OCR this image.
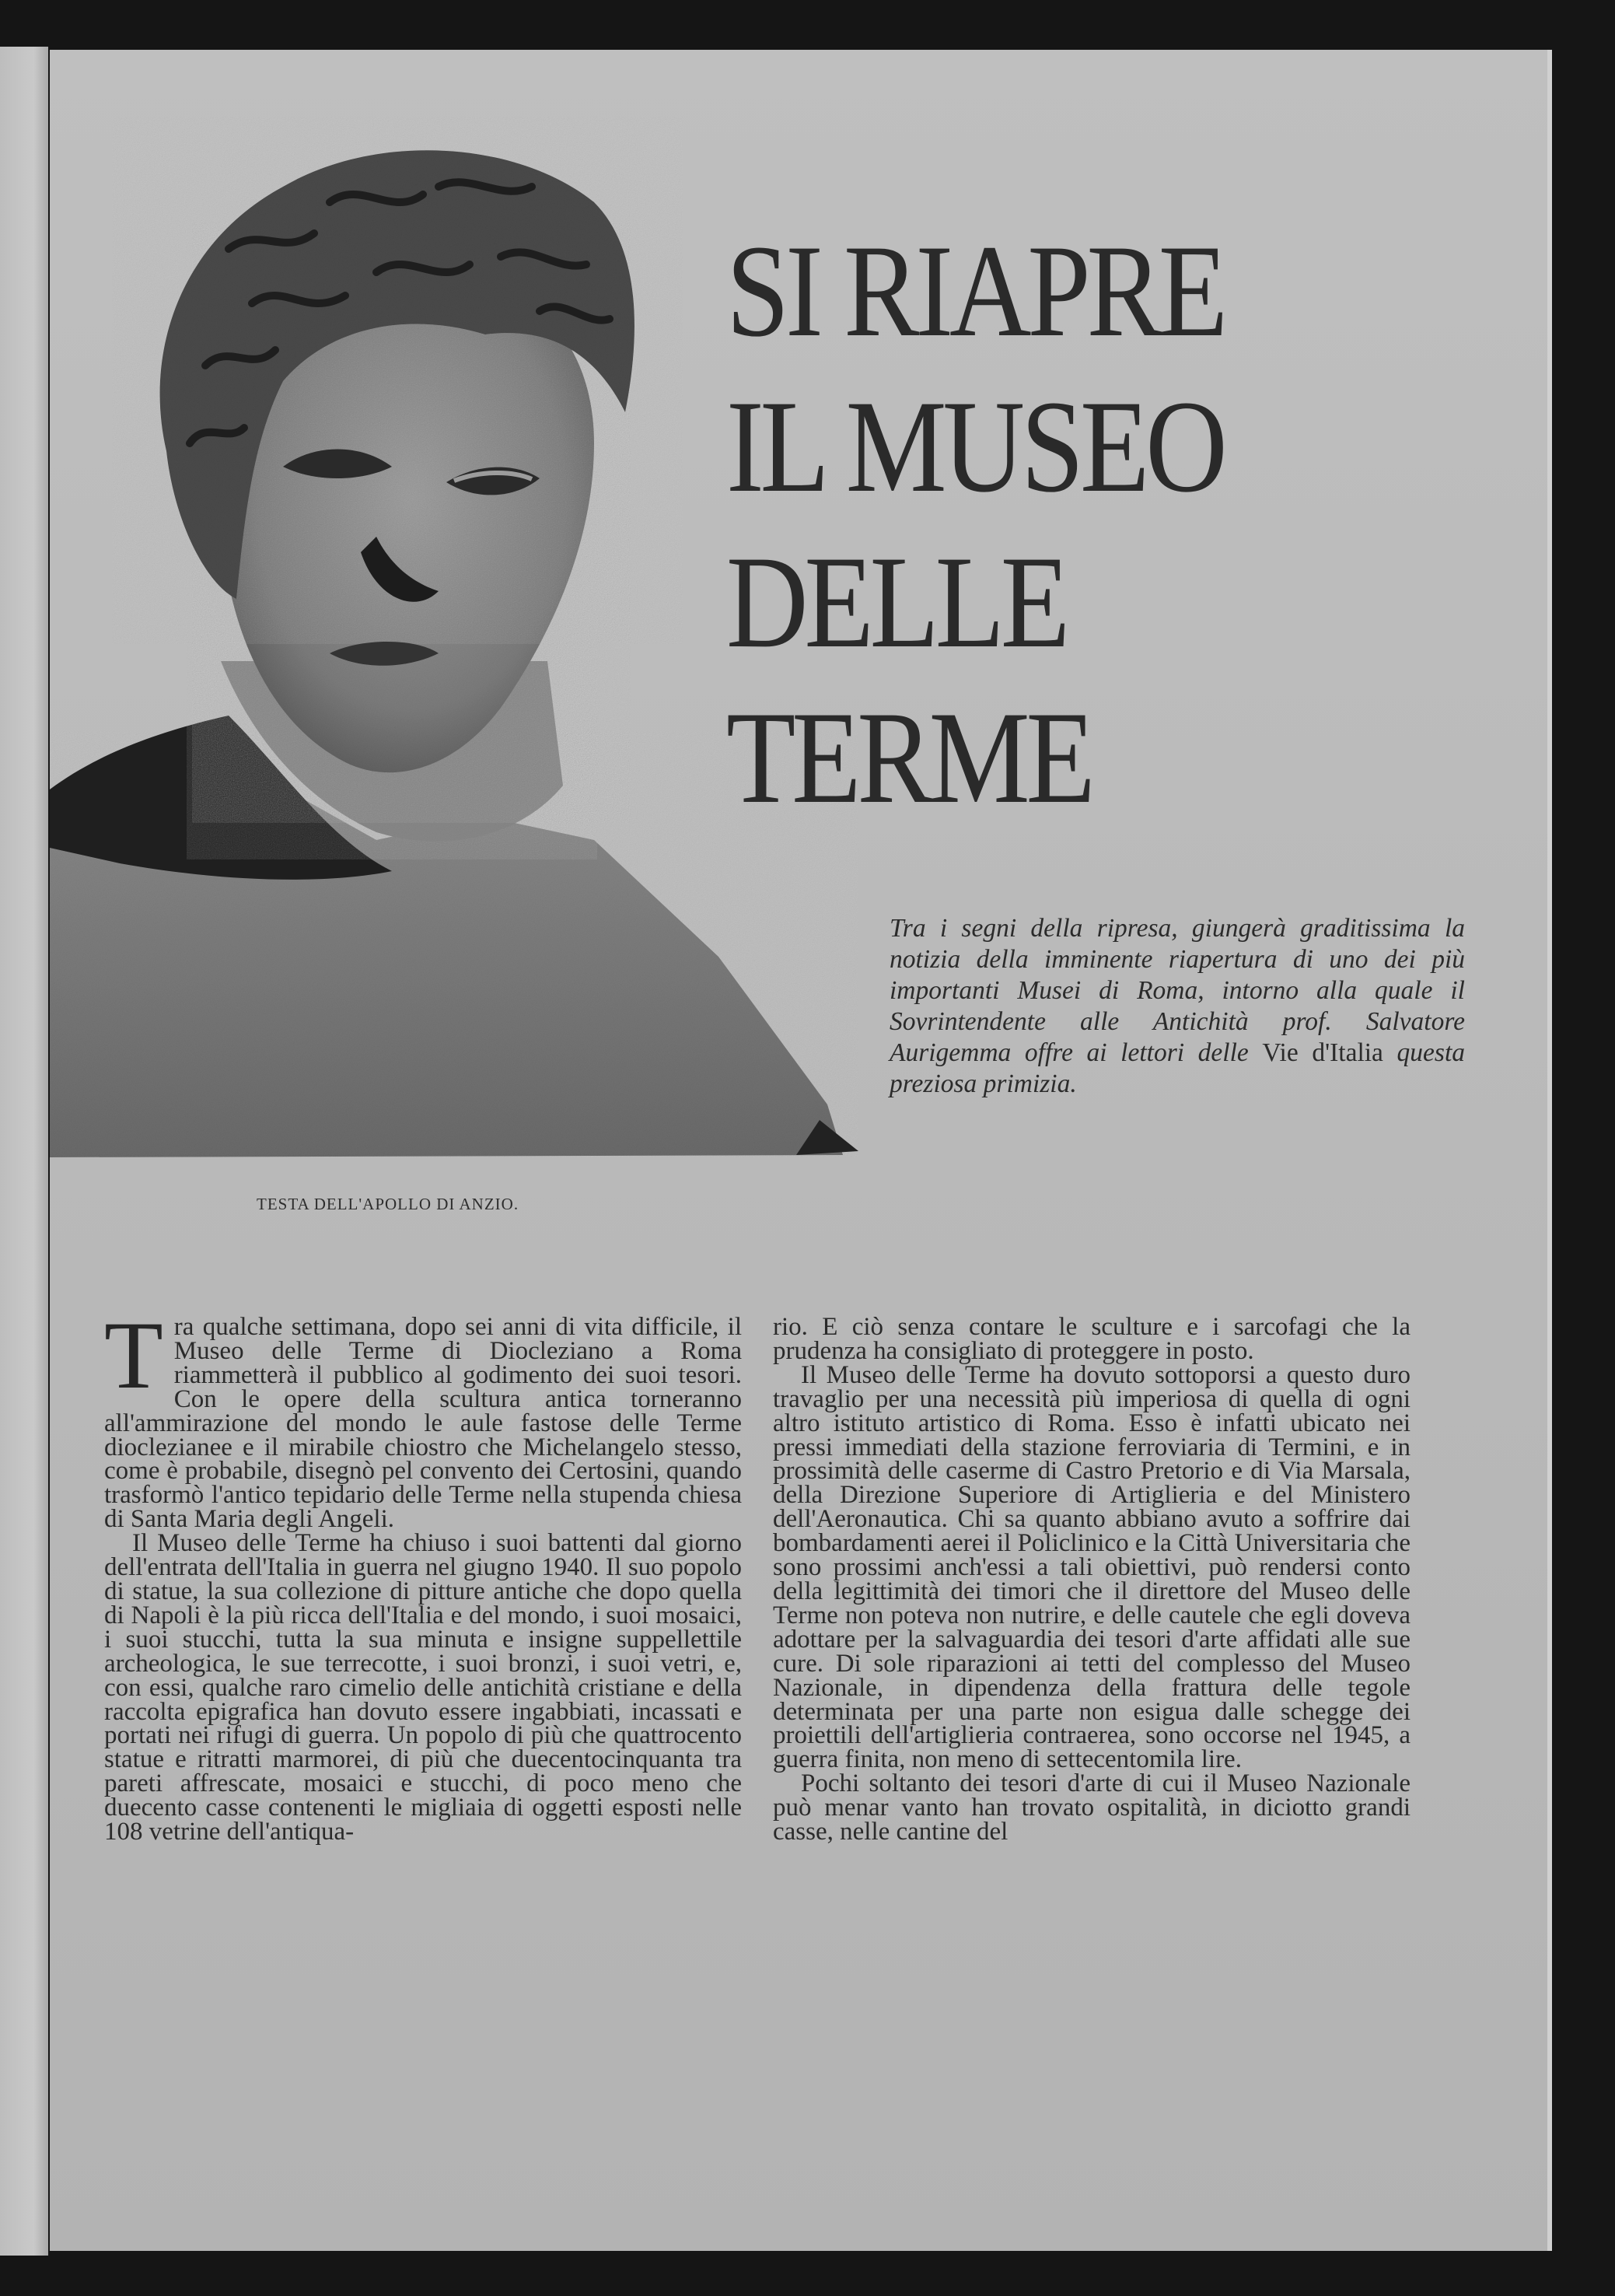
SI RIAPRE
IL MUSEO
DELLE
TERME

Tra i segni della ripresa, giungerà graditissima la notizia della imminente riapertura di uno dei più importanti Musei di Roma, intorno alla quale il Sovrintendente alle Antichità prof. Salvatore Aurigemma offre ai lettori delle Vie d'Italia questa preziosa primizia.

TESTA DELL'APOLLO DI ANZIO.

Tra qualche settimana, dopo sei anni di vita difficile, il Museo delle Terme di Diocleziano a Roma riammetterà il pubblico al godimento dei suoi tesori. Con le opere della scultura antica torneranno all'ammirazione del mondo le aule fastose delle Terme dioclezianee e il mirabile chiostro che Michelangelo stesso, come è probabile, disegnò pel convento dei Certosini, quando trasformò l'antico tepidario delle Terme nella stupenda chiesa di Santa Maria degli Angeli.

Il Museo delle Terme ha chiuso i suoi battenti dal giorno dell'entrata dell'Italia in guerra nel giugno 1940. Il suo popolo di statue, la sua collezione di pitture antiche che dopo quella di Napoli è la più ricca dell'Italia e del mondo, i suoi mosaici, i suoi stucchi, tutta la sua minuta e insigne suppellettile archeologica, le sue terrecotte, i suoi bronzi, i suoi vetri, e, con essi, qualche raro cimelio delle antichità cristiane e della raccolta epigrafica han dovuto essere ingabbiati, incassati e portati nei rifugi di guerra. Un popolo di più che quattrocento statue e ritratti marmorei, di più che duecentocinquanta tra pareti affrescate, mosaici e stucchi, di poco meno che duecento casse contenenti le migliaia di oggetti esposti nelle 108 vetrine dell'antiqua-

rio. E ciò senza contare le sculture e i sarcofagi che la prudenza ha consigliato di proteggere in posto.

Il Museo delle Terme ha dovuto sottoporsi a questo duro travaglio per una necessità più imperiosa di quella di ogni altro istituto artistico di Roma. Esso è infatti ubicato nei pressi immediati della stazione ferroviaria di Termini, e in prossimità delle caserme di Castro Pretorio e di Via Marsala, della Direzione Superiore di Artiglieria e del Ministero dell'Aeronautica. Chi sa quanto abbiano avuto a soffrire dai bombardamenti aerei il Policlinico e la Città Universitaria che sono prossimi anch'essi a tali obiettivi, può rendersi conto della legittimità dei timori che il direttore del Museo delle Terme non poteva non nutrire, e delle cautele che egli doveva adottare per la salvaguardia dei tesori d'arte affidati alle sue cure. Di sole riparazioni ai tetti del complesso del Museo Nazionale, in dipendenza della frattura delle tegole determinata per una parte non esigua dalle schegge dei proiettili dell'artiglieria contraerea, sono occorse nel 1945, a guerra finita, non meno di settecentomila lire.

Pochi soltanto dei tesori d'arte di cui il Museo Nazionale può menar vanto han trovato ospitalità, in diciotto grandi casse, nelle cantine del
